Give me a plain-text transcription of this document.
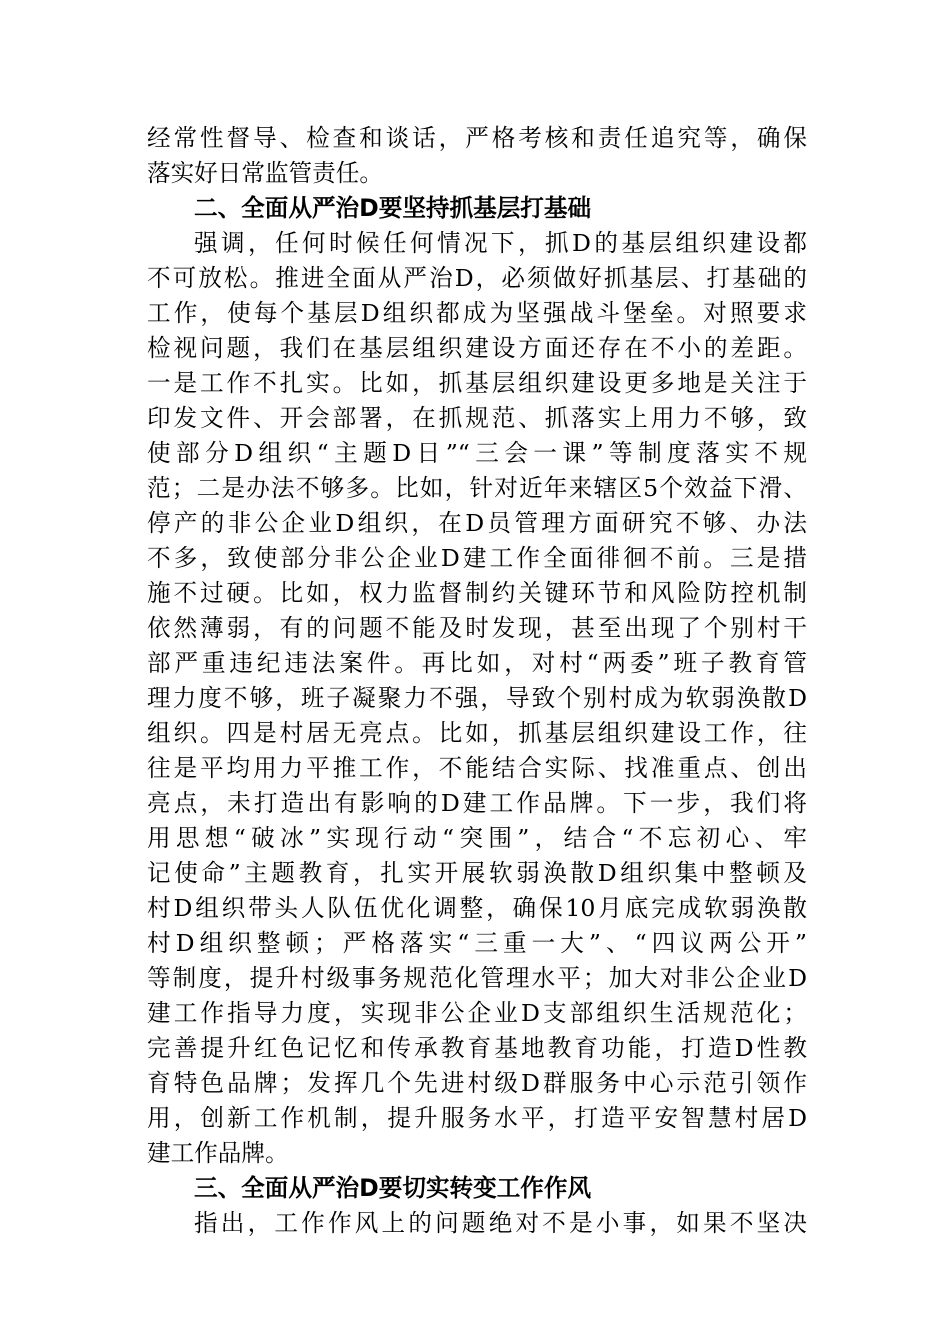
经常性督导、检查和谈话，严格考核和责任追究等，确保
落实好日常监管责任。
二、全面从严治D要坚持抓基层打基础
强调，任何时候任何情况下，抓D的基层组织建设都
不可放松。推进全面从严治D，必须做好抓基层、打基础的
工作，使每个基层D组织都成为坚强战斗堡垒。对照要求
检视问题，我们在基层组织建设方面还存在不小的差距。
一是工作不扎实。比如，抓基层组织建设更多地是关注于
印发文件、开会部署，在抓规范、抓落实上用力不够，致
使部分D组织“主题D日”“三会一课”等制度落实不规
范；二是办法不够多。比如，针对近年来辖区5个效益下滑、
停产的非公企业D组织，在D员管理方面研究不够、办法
不多，致使部分非公企业D建工作全面徘徊不前。三是措
施不过硬。比如，权力监督制约关键环节和风险防控机制
依然薄弱，有的问题不能及时发现，甚至出现了个别村干
部严重违纪违法案件。再比如，对村“两委”班子教育管
理力度不够，班子凝聚力不强，导致个别村成为软弱涣散D
组织。四是村居无亮点。比如，抓基层组织建设工作，往
往是平均用力平推工作，不能结合实际、找准重点、创出
亮点，未打造出有影响的D建工作品牌。下一步，我们将
用思想“破冰”实现行动“突围”，结合“不忘初心、牢
记使命”主题教育，扎实开展软弱涣散D组织集中整顿及
村D组织带头人队伍优化调整，确保10月底完成软弱涣散
村D组织整顿；严格落实“三重一大”、“四议两公开”
等制度，提升村级事务规范化管理水平；加大对非公企业D
建工作指导力度，实现非公企业D支部组织生活规范化；
完善提升红色记忆和传承教育基地教育功能，打造D性教
育特色品牌；发挥几个先进村级D群服务中心示范引领作
用，创新工作机制，提升服务水平，打造平安智慧村居D
建工作品牌。
三、全面从严治D要切实转变工作作风
指出，工作作风上的问题绝对不是小事，如果不坚决
